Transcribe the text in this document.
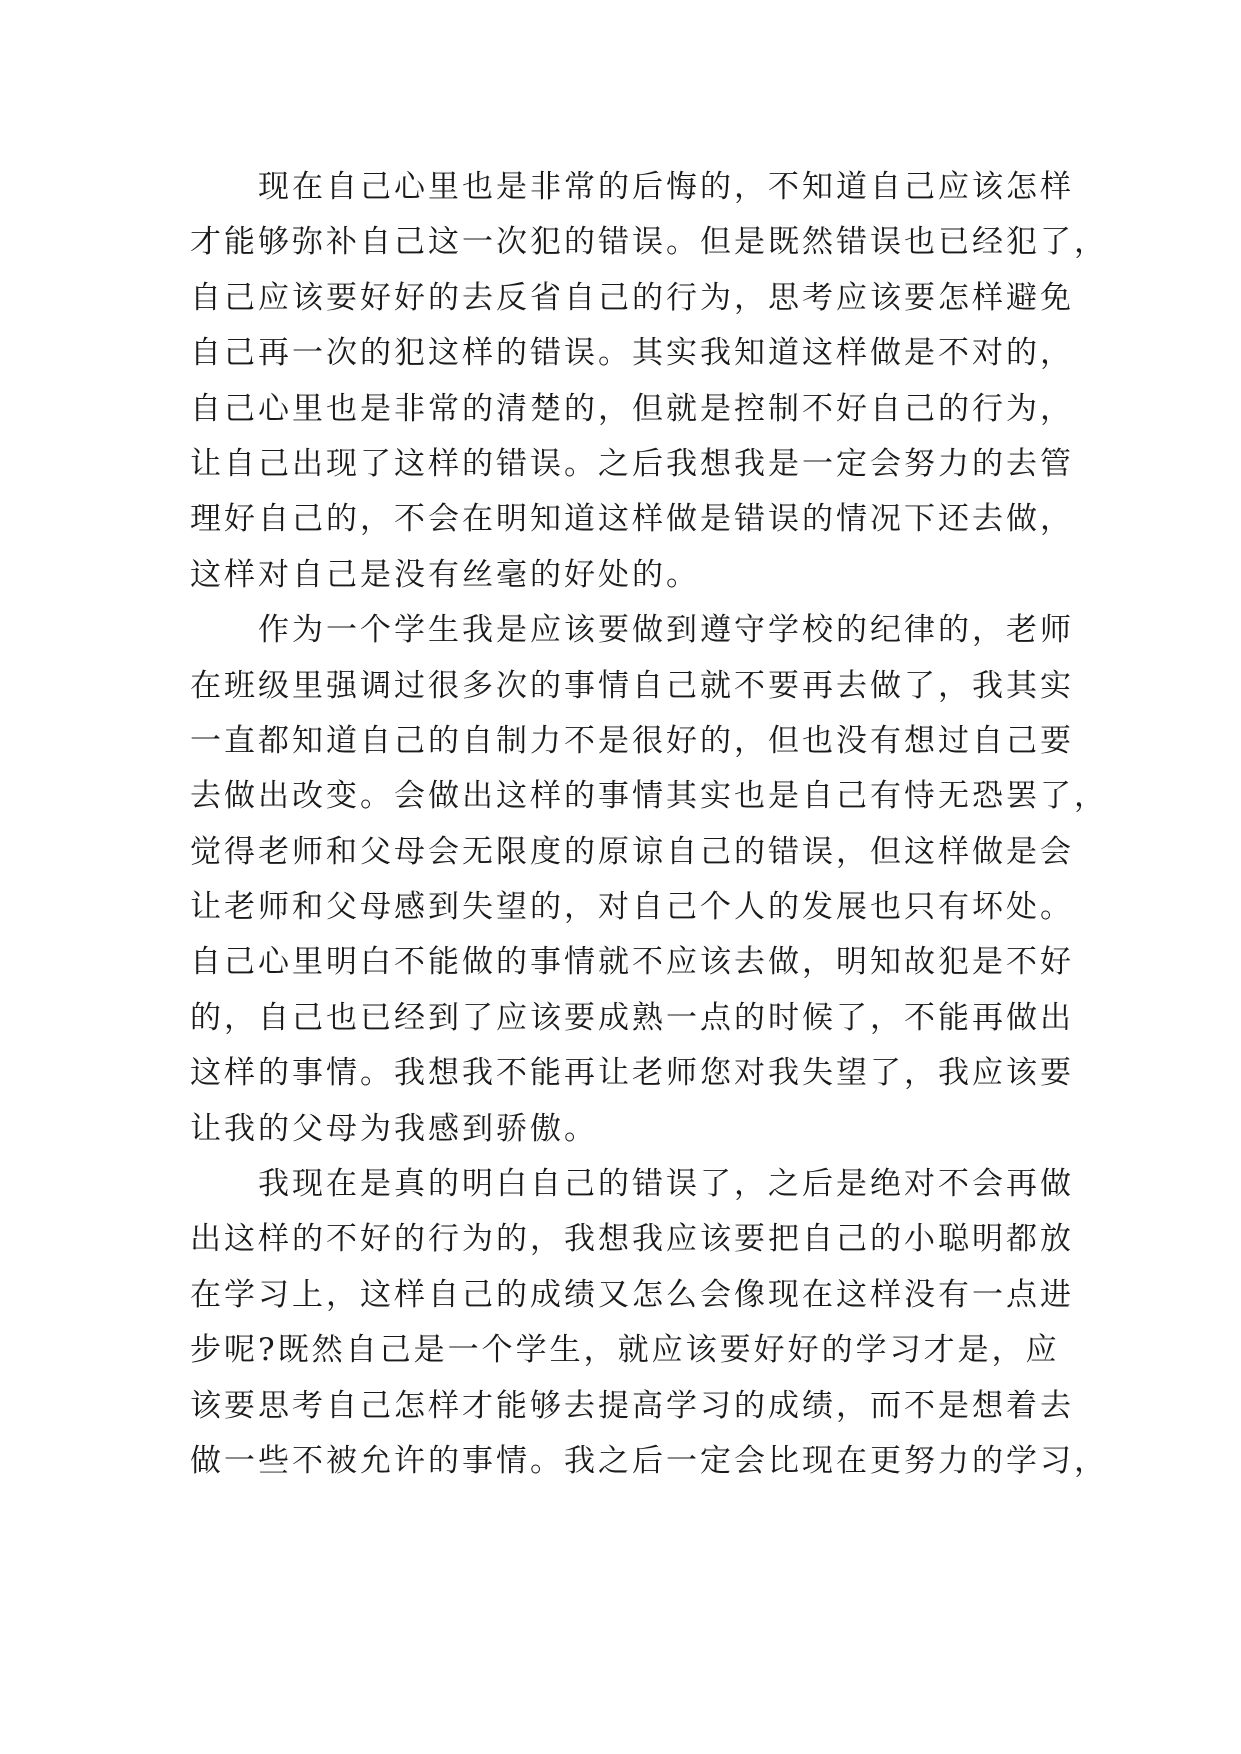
现在自己心里也是非常的后悔的，不知道自己应该怎样
才能够弥补自己这一次犯的错误。但是既然错误也已经犯了，
自己应该要好好的去反省自己的行为，思考应该要怎样避免
自己再一次的犯这样的错误。其实我知道这样做是不对的，
自己心里也是非常的清楚的，但就是控制不好自己的行为，
让自己出现了这样的错误。之后我想我是一定会努力的去管
理好自己的，不会在明知道这样做是错误的情况下还去做，
这样对自己是没有丝毫的好处的。
作为一个学生我是应该要做到遵守学校的纪律的，老师
在班级里强调过很多次的事情自己就不要再去做了，我其实
一直都知道自己的自制力不是很好的，但也没有想过自己要
去做出改变。会做出这样的事情其实也是自己有恃无恐罢了，
觉得老师和父母会无限度的原谅自己的错误，但这样做是会
让老师和父母感到失望的，对自己个人的发展也只有坏处。
自己心里明白不能做的事情就不应该去做，明知故犯是不好
的，自己也已经到了应该要成熟一点的时候了，不能再做出
这样的事情。我想我不能再让老师您对我失望了，我应该要
让我的父母为我感到骄傲。
我现在是真的明白自己的错误了，之后是绝对不会再做
出这样的不好的行为的，我想我应该要把自己的小聪明都放
在学习上，这样自己的成绩又怎么会像现在这样没有一点进
步呢?既然自己是一个学生，就应该要好好的学习才是，应
该要思考自己怎样才能够去提高学习的成绩，而不是想着去
做一些不被允许的事情。我之后一定会比现在更努力的学习，
